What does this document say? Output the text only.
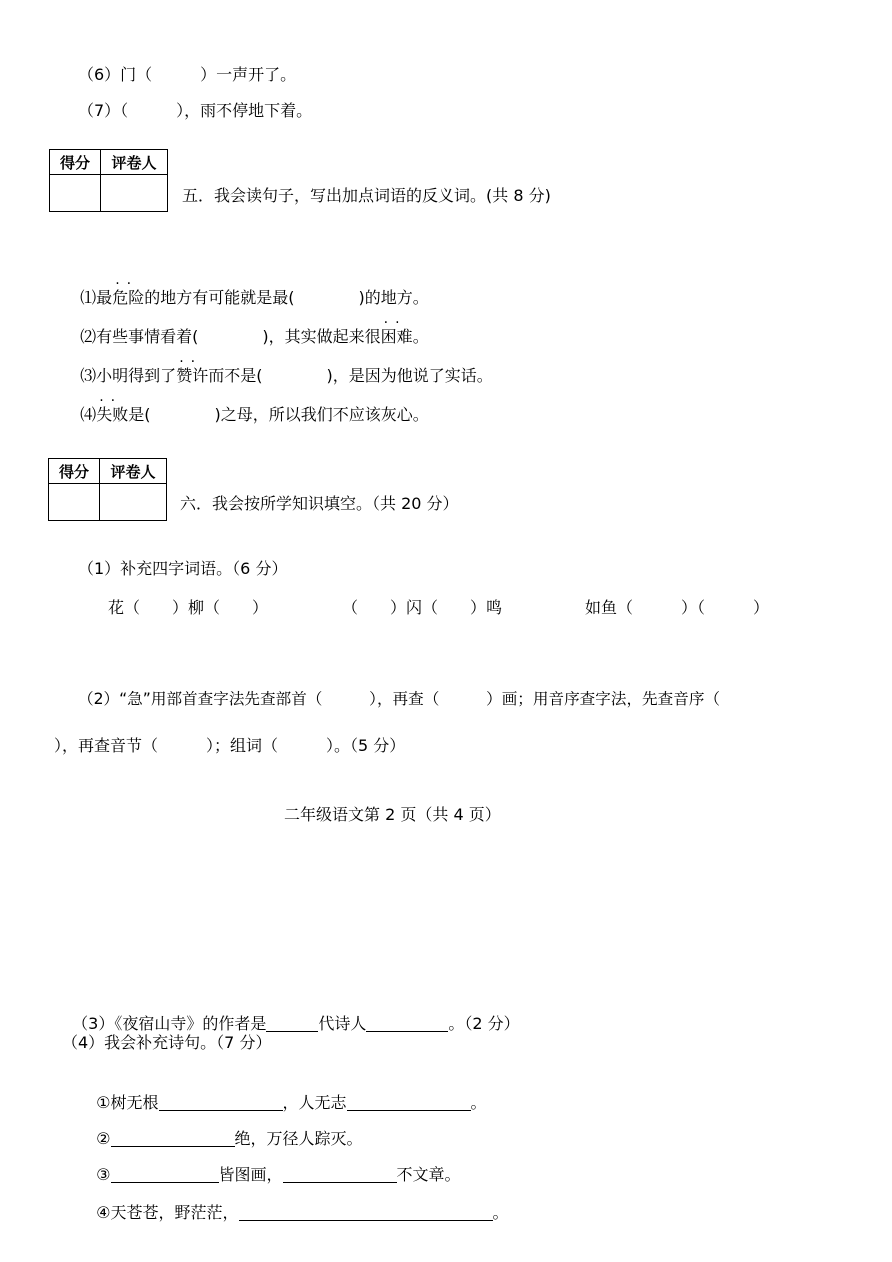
（6）门（　　　）一声开了。
（7）（　　　），雨不停地下着。
得分	评卷人

五．我会读句子，写出加点词语的反义词。(共 8 分)

⑴最· · 危险的地方有可能就是最(　　　　)的地方。

⑵有些事情看着(　　　　)，其实做起来很· · 困难。

⑶小明得到了· · 赞许而不是(　　　　)，是因为他说了实话。

⑷· · 失败是(　　　　)之母，所以我们不应该灰心。

得分	评卷人

六．我会按所学知识填空。（共 20 分）
（1）补充四字词语。（6 分）
花（　　）柳（　　）	（　　）闪（　　）鸣	如鱼（　　　）（　　　）
（2）“急”用部首查字法先查部首（　　　），再查（　　　）画；用音序查字法，先查音序（
），再查音节（　　　）；组词（　　　）。（5 分）
二年级语文第 2 页（共 4 页）

（3）《夜宿山寺》的作者是	代诗人	。（2 分）

（4）我会补充诗句。（7 分）

①树无根	，人无志	。

②	绝，万径人踪灭。

③	皆图画，	不文章。

④天苍苍，野茫茫，	。
